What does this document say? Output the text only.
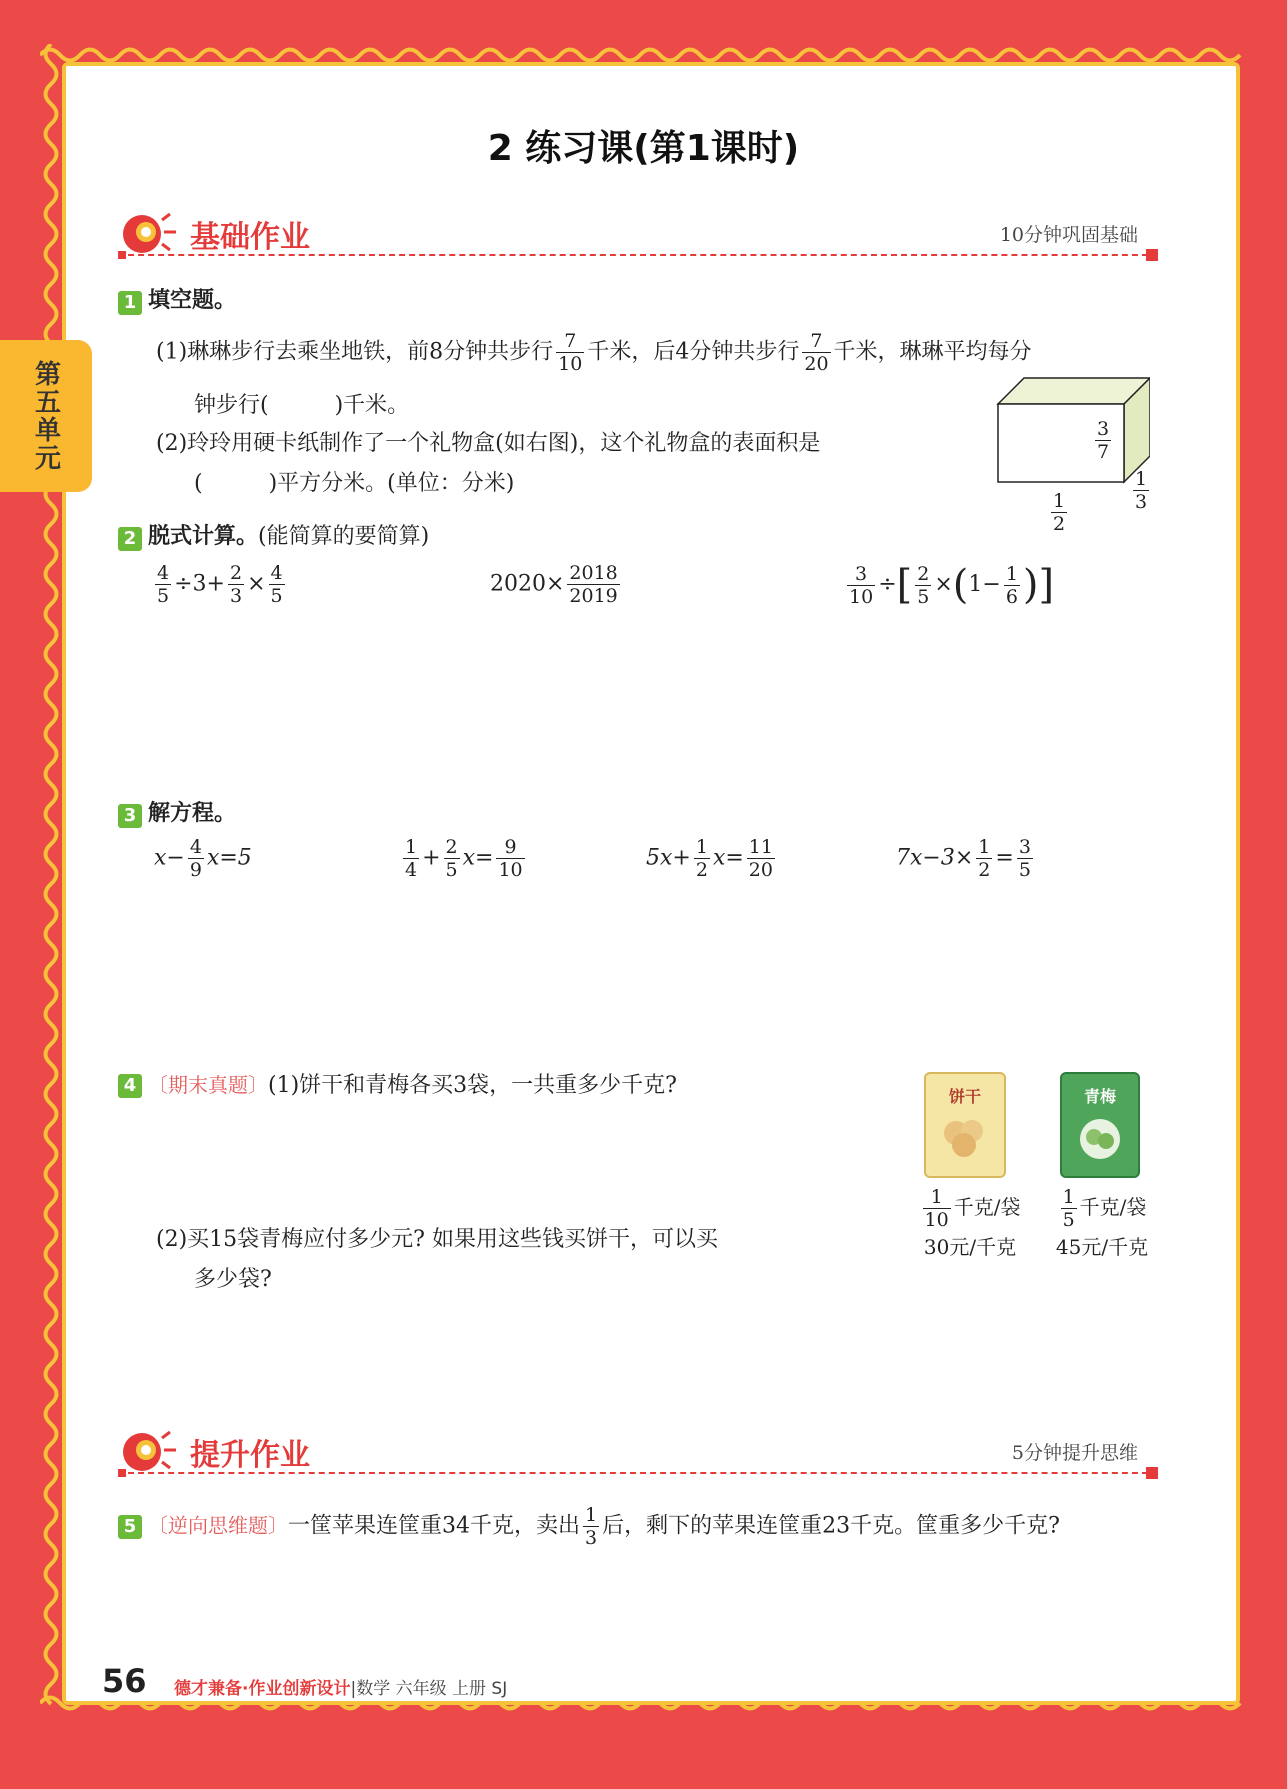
第五单元
2 练习课(第1课时)
基础作业	10分钟巩固基础
1 填空题。
(1)琳琳步行去乘坐地铁，前8分钟共步行 $\frac{7}{10}$ 千米，后4分钟共步行 $\frac{7}{20}$ 千米，琳琳平均每分
钟步行(　　　)千米。
(2)玲玲用硬卡纸制作了一个礼物盒(如右图)，这个礼物盒的表面积是
(　　　)平方分米。(单位：分米)
$\frac{3}{7}$
$\frac{1}{2}$	$\frac{1}{3}$
2 脱式计算。(能简算的要简算)
$\frac{4}{5} \div 3+ \frac{2}{3} \times \frac{4}{5}$	$2020\times \frac{2018}{2019}$	$\frac{3}{10}$ ÷[ $\frac{2}{5} \times(1- \frac{1}{6}$ )]
3 解方程。
$x- \frac{4}{9} x=5$	$\frac{1}{4} + \frac{2}{5} x= \frac{9}{10}$	$5x+ \frac{1}{2} x= \frac{11}{20}$	$7x-3\times \frac{1}{2} = \frac{3}{5}$
4 〔期末真题〕(1)饼干和青梅各买3袋，一共重多少千克?
(2)买15袋青梅应付多少元? 如果用这些钱买饼干，可以买
多少袋?
饼干	青梅
$\frac{1}{10}$ 千克/袋
30元/千克
$\frac{1}{5}$ 千克/袋
45元/千克
提升作业	5分钟提升思维
5 〔逆向思维题〕一筐苹果连筐重34千克，卖出 $\frac{1}{3}$ 后，剩下的苹果连筐重23千克。筐重多少千克?
56 德才兼备·作业创新设计|数学 六年级 上册 SJ
